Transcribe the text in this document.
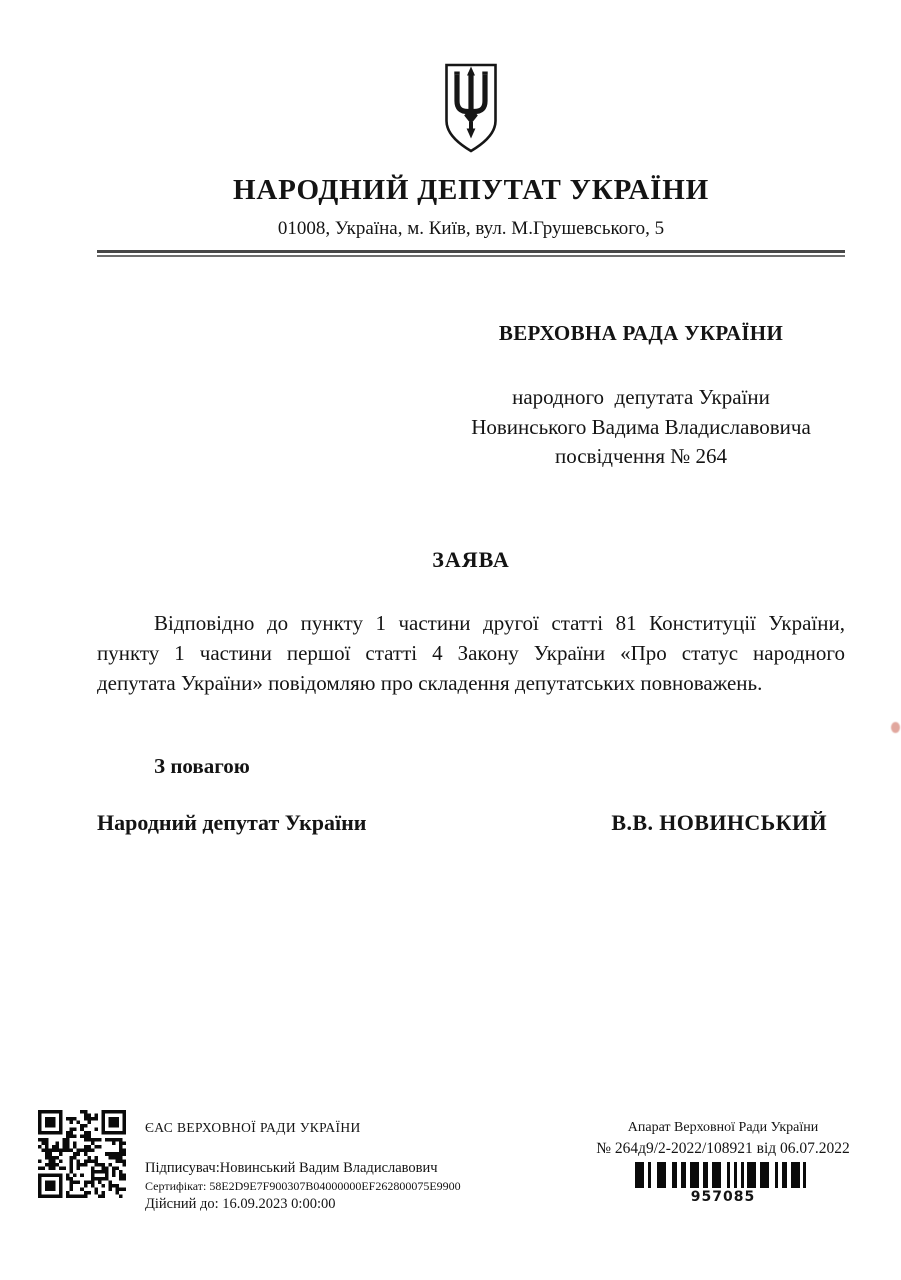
НАРОДНИЙ ДЕПУТАТ УКРАЇНИ
01008, Україна, м. Київ, вул. М.Грушевського, 5
ВЕРХОВНА РАДА УКРАЇНИ
народного  депутата України
Новинського Вадима Владиславовича
посвідчення № 264
ЗАЯВА
Відповідно до пункту 1 частини другої статті 81 Конституції України,
пункту 1 частини першої статті 4 Закону України «Про статус народного
депутата України» повідомляю про складення депутатських повноважень.
З повагою
Народний депутат України	В.В. НОВИНСЬКИЙ
ЄАС ВЕРХОВНОЇ РАДИ УКРАЇНИ
Підписувач:Новинський Вадим Владиславович
Сертифікат: 58E2D9E7F900307B04000000EF262800075E9900
Дійсний до: 16.09.2023 0:00:00
Апарат Верховної Ради України
№ 264д9/2-2022/108921 від 06.07.2022
957085
